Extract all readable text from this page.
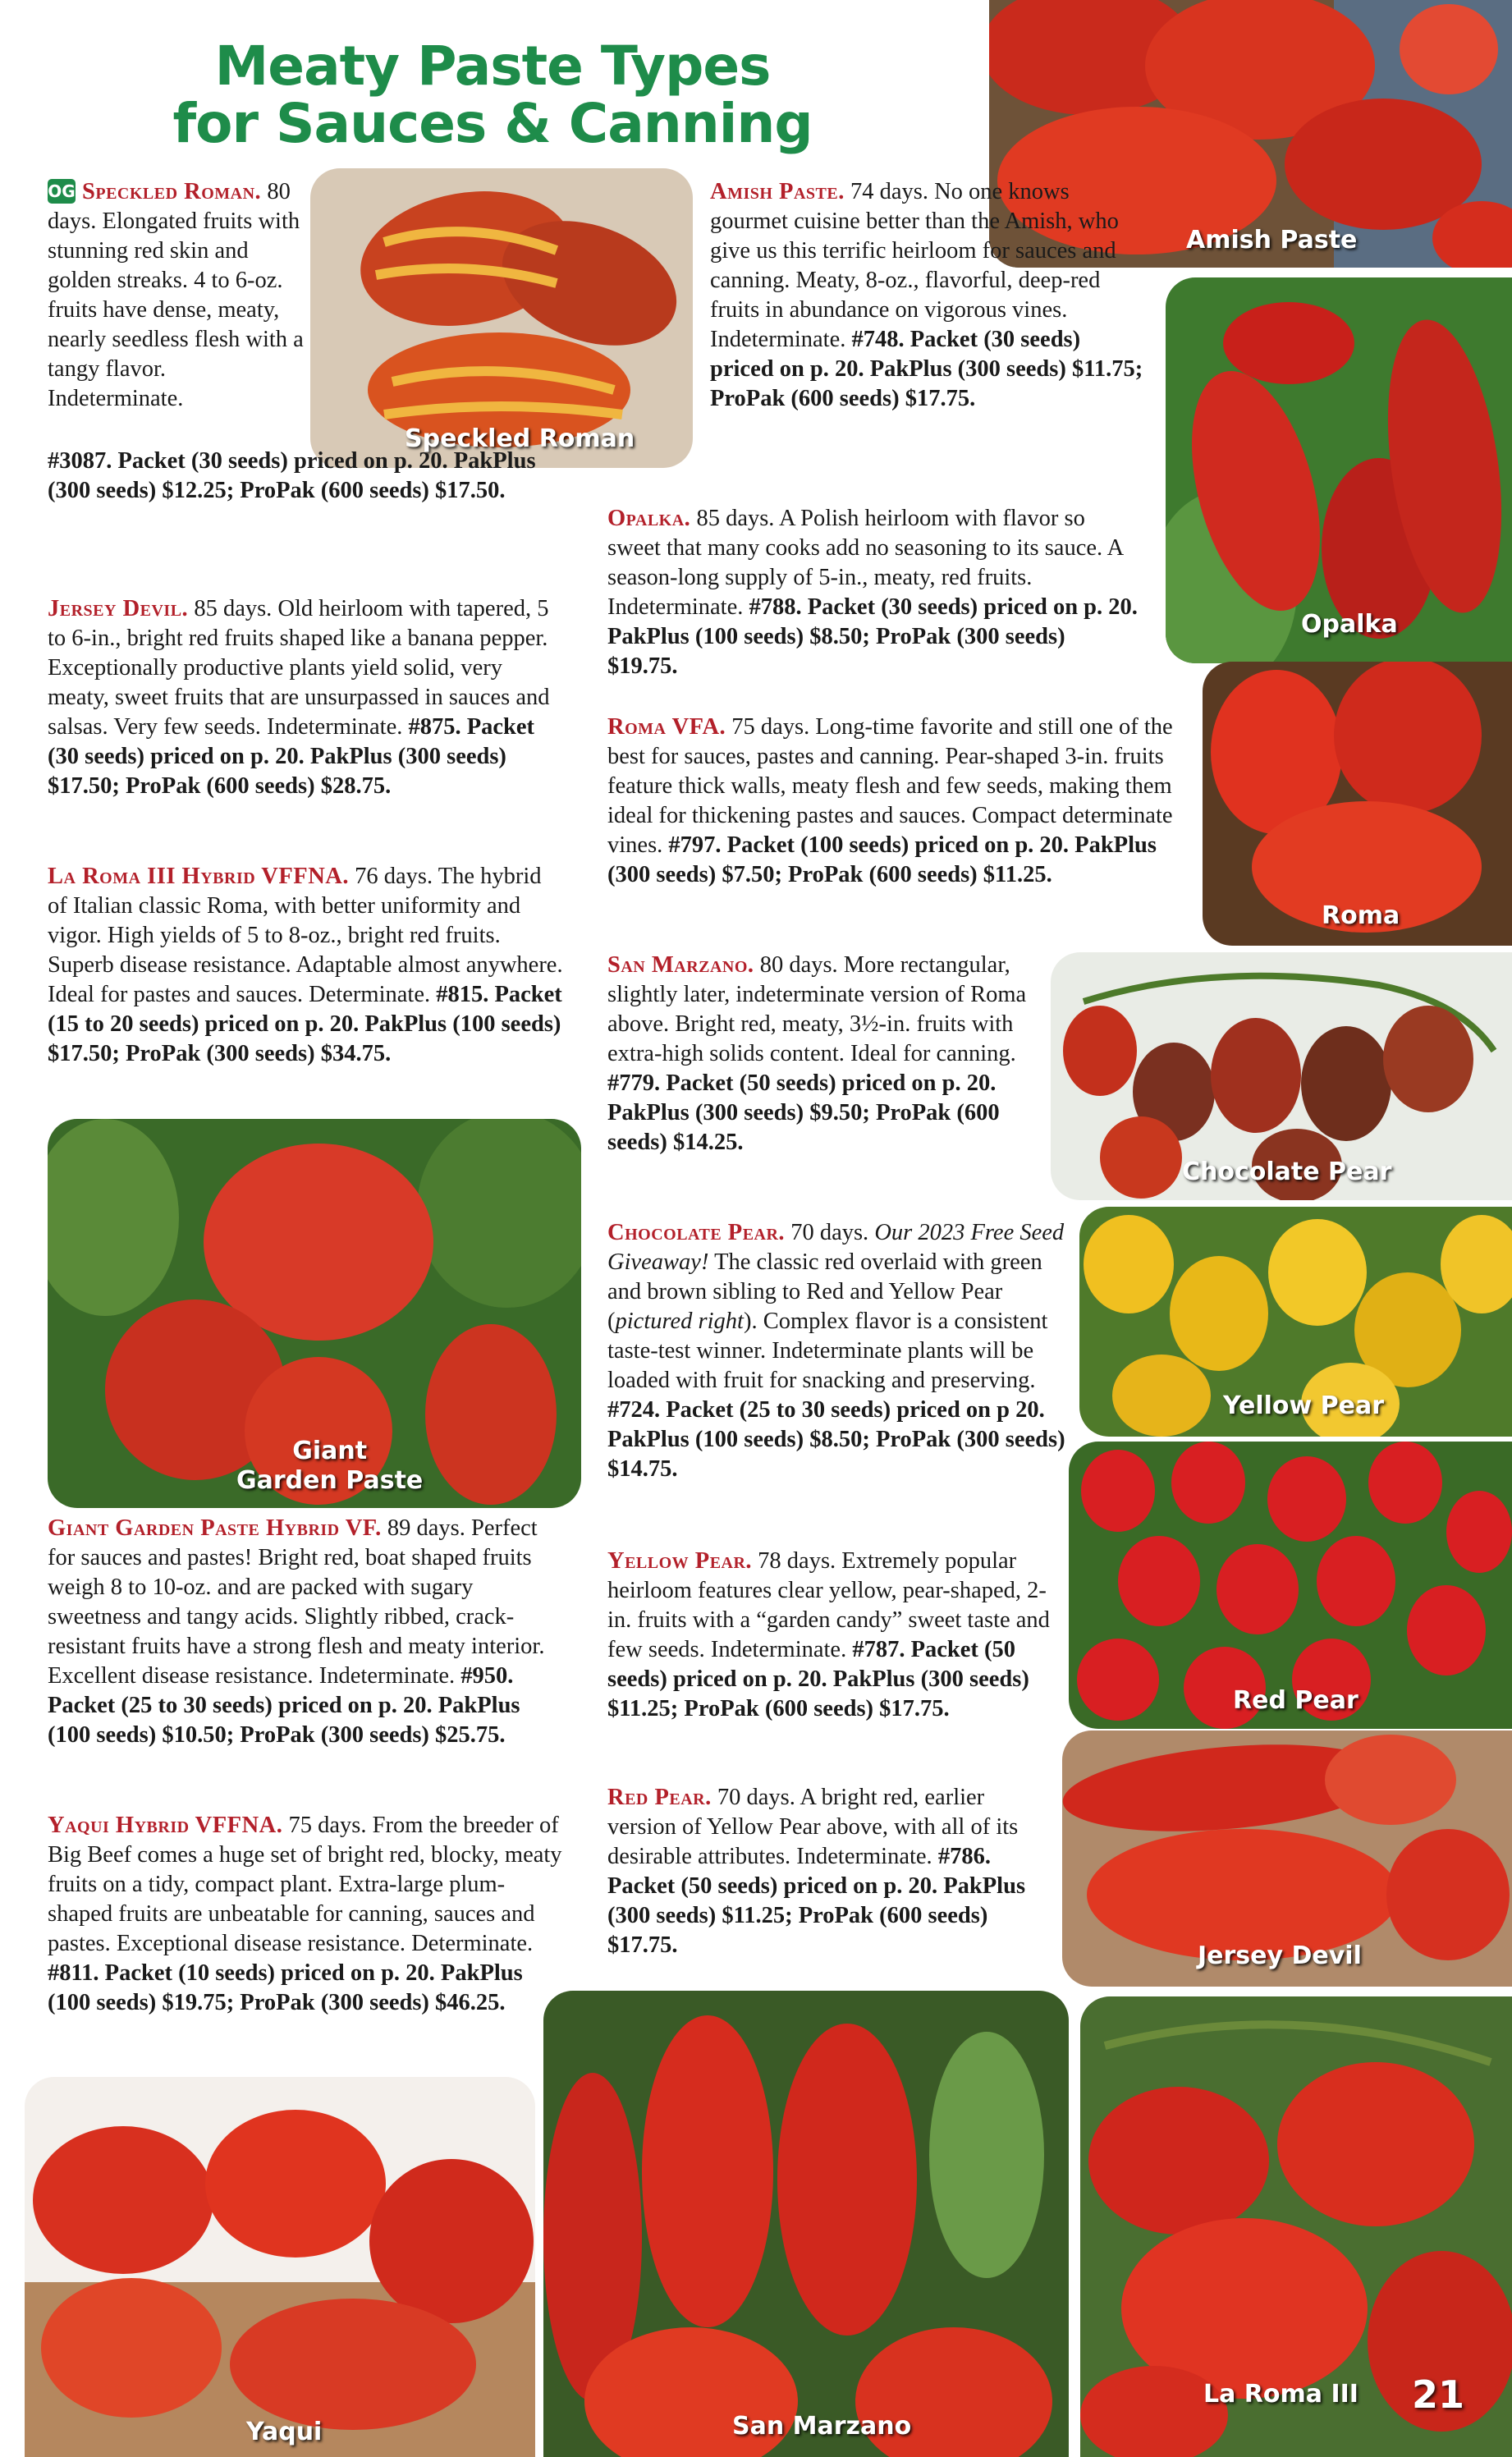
Meaty Paste Types
for Sauces & Canning
Amish Paste
Speckled Roman
Opalka
Roma
Chocolate Pear
Yellow Pear
Red Pear
Jersey Devil
Giant
Garden Paste
Yaqui	San Marzano
La Roma III 21

OG Speckled Roman. 80 days. Elongated fruits with stunning red skin and golden streaks. 4 to 6-oz. fruits have dense, meaty, nearly seedless flesh with a tangy flavor. Indeterminate.

#3087. Packet (30 seeds) priced on p. 20. PakPlus (300 seeds) $12.25; ProPak (600 seeds) $17.50.

Jersey Devil. 85 days. Old heirloom with tapered, 5 to 6-in., bright red fruits shaped like a banana pepper. Exceptionally productive plants yield solid, very meaty, sweet fruits that are unsurpassed in sauces and salsas. Very few seeds. Indeterminate. #875. Packet (30 seeds) priced on p. 20. PakPlus (300 seeds) $17.50; ProPak (600 seeds) $28.75.

La Roma III Hybrid VFFNA. 76 days. The hybrid of Italian classic Roma, with better uniformity and vigor. High yields of 5 to 8-oz., bright red fruits. Superb disease resistance. Adaptable almost anywhere. Ideal for pastes and sauces. Determinate. #815. Packet (15 to 20 seeds) priced on p. 20. PakPlus (100 seeds) $17.50; ProPak (300 seeds) $34.75.

Giant Garden Paste Hybrid VF. 89 days. Perfect for sauces and pastes! Bright red, boat shaped fruits weigh 8 to 10-oz. and are packed with sugary sweetness and tangy acids. Slightly ribbed, crack-resistant fruits have a strong flesh and meaty interior. Excellent disease resistance. Indeterminate. #950. Packet (25 to 30 seeds) priced on p. 20. PakPlus (100 seeds) $10.50; ProPak (300 seeds) $25.75.

Yaqui Hybrid VFFNA. 75 days. From the breeder of Big Beef comes a huge set of bright red, blocky, meaty fruits on a tidy, compact plant. Extra-large plum-shaped fruits are unbeatable for canning, sauces and pastes. Exceptional disease resistance. Determinate. #811. Packet (10 seeds) priced on p. 20. PakPlus (100 seeds) $19.75; ProPak (300 seeds) $46.25.

Amish Paste. 74 days. No one knows gourmet cuisine better than the Amish, who give us this terrific heirloom for sauces and canning. Meaty, 8-oz., flavorful, deep-red fruits in abundance on vigorous vines. Indeterminate. #748. Packet (30 seeds) priced on p. 20. PakPlus (300 seeds) $11.75; ProPak (600 seeds) $17.75.

Opalka. 85 days. A Polish heirloom with flavor so sweet that many cooks add no seasoning to its sauce. A season-long supply of 5-in., meaty, red fruits. Indeterminate. #788. Packet (30 seeds) priced on p. 20. PakPlus (100 seeds) $8.50; ProPak (300 seeds) $19.75.

Roma VFA. 75 days. Long-time favorite and still one of the best for sauces, pastes and canning. Pear-shaped 3-in. fruits feature thick walls, meaty flesh and few seeds, making them ideal for thickening pastes and sauces. Compact determinate vines. #797. Packet (100 seeds) priced on p. 20. PakPlus (300 seeds) $7.50; ProPak (600 seeds) $11.25.

San Marzano. 80 days. More rectangular, slightly later, indeterminate version of Roma above. Bright red, meaty, 3½-in. fruits with extra-high solids content. Ideal for canning. #779. Packet (50 seeds) priced on p. 20. PakPlus (300 seeds) $9.50; ProPak (600 seeds) $14.25.

Chocolate Pear. 70 days. Our 2023 Free Seed Giveaway! The classic red overlaid with green and brown sibling to Red and Yellow Pear (pictured right). Complex flavor is a consistent taste-test winner. Indeterminate plants will be loaded with fruit for snacking and preserving. #724. Packet (25 to 30 seeds) priced on p 20. PakPlus (100 seeds) $8.50; ProPak (300 seeds) $14.75.

Yellow Pear. 78 days. Extremely popular heirloom features clear yellow, pear-shaped, 2-in. fruits with a “garden candy” sweet taste and few seeds. Indeterminate. #787. Packet (50 seeds) priced on p. 20. PakPlus (300 seeds) $11.25; ProPak (600 seeds) $17.75.

Red Pear. 70 days. A bright red, earlier version of Yellow Pear above, with all of its desirable attributes. Indeterminate. #786. Packet (50 seeds) priced on p. 20. PakPlus (300 seeds) $11.25; ProPak (600 seeds) $17.75.
